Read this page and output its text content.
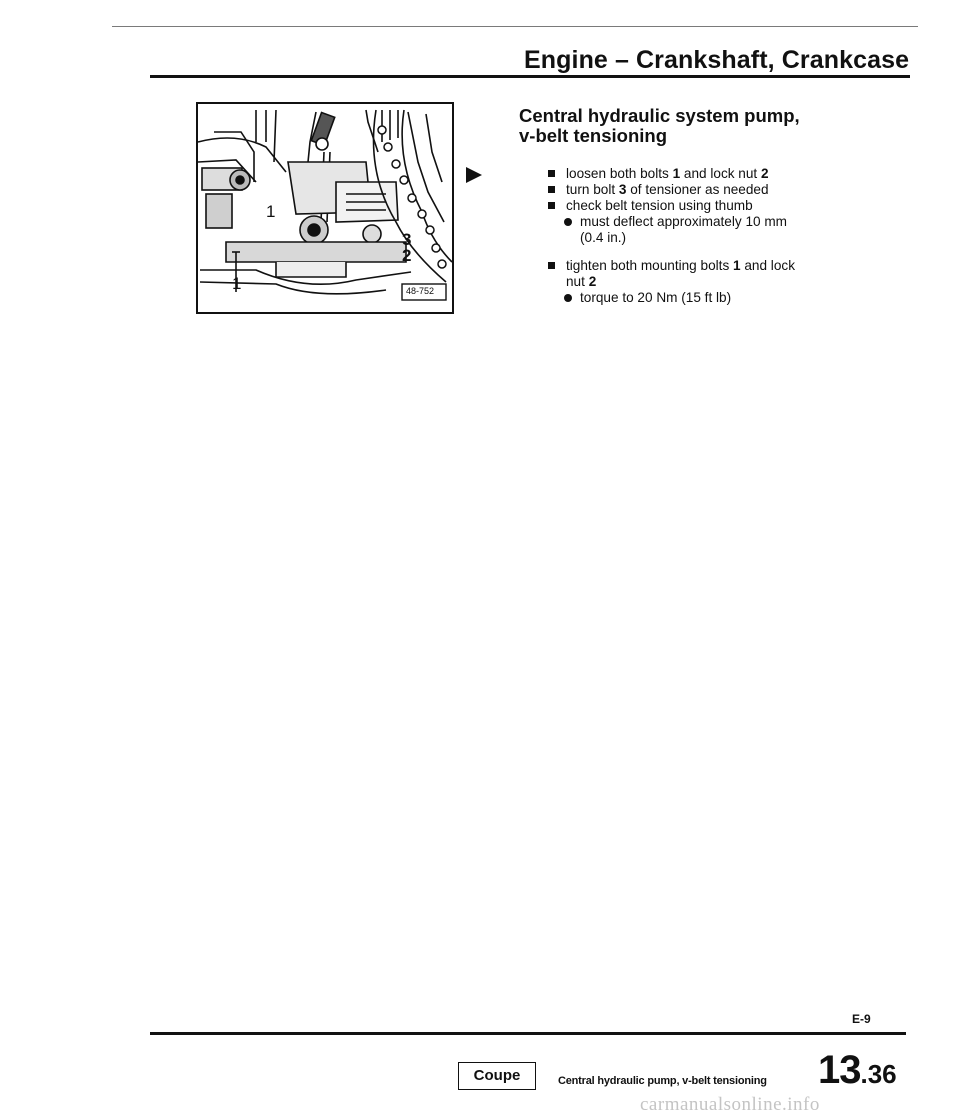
Engine – Crankshaft, Crankcase
1
1
3
2
48-752
Central hydraulic system pump,
v-belt tensioning
loosen both bolts 1 and lock nut 2
turn bolt 3 of tensioner as needed
check belt tension using thumb
must deflect approximately 10 mm
(0.4 in.)
tighten both mounting bolts 1 and lock
nut 2
torque to 20 Nm (15 ft lb)
E-9
Coupe	Central hydraulic pump, v-belt tensioning 13.36
carmanualsonline.info
